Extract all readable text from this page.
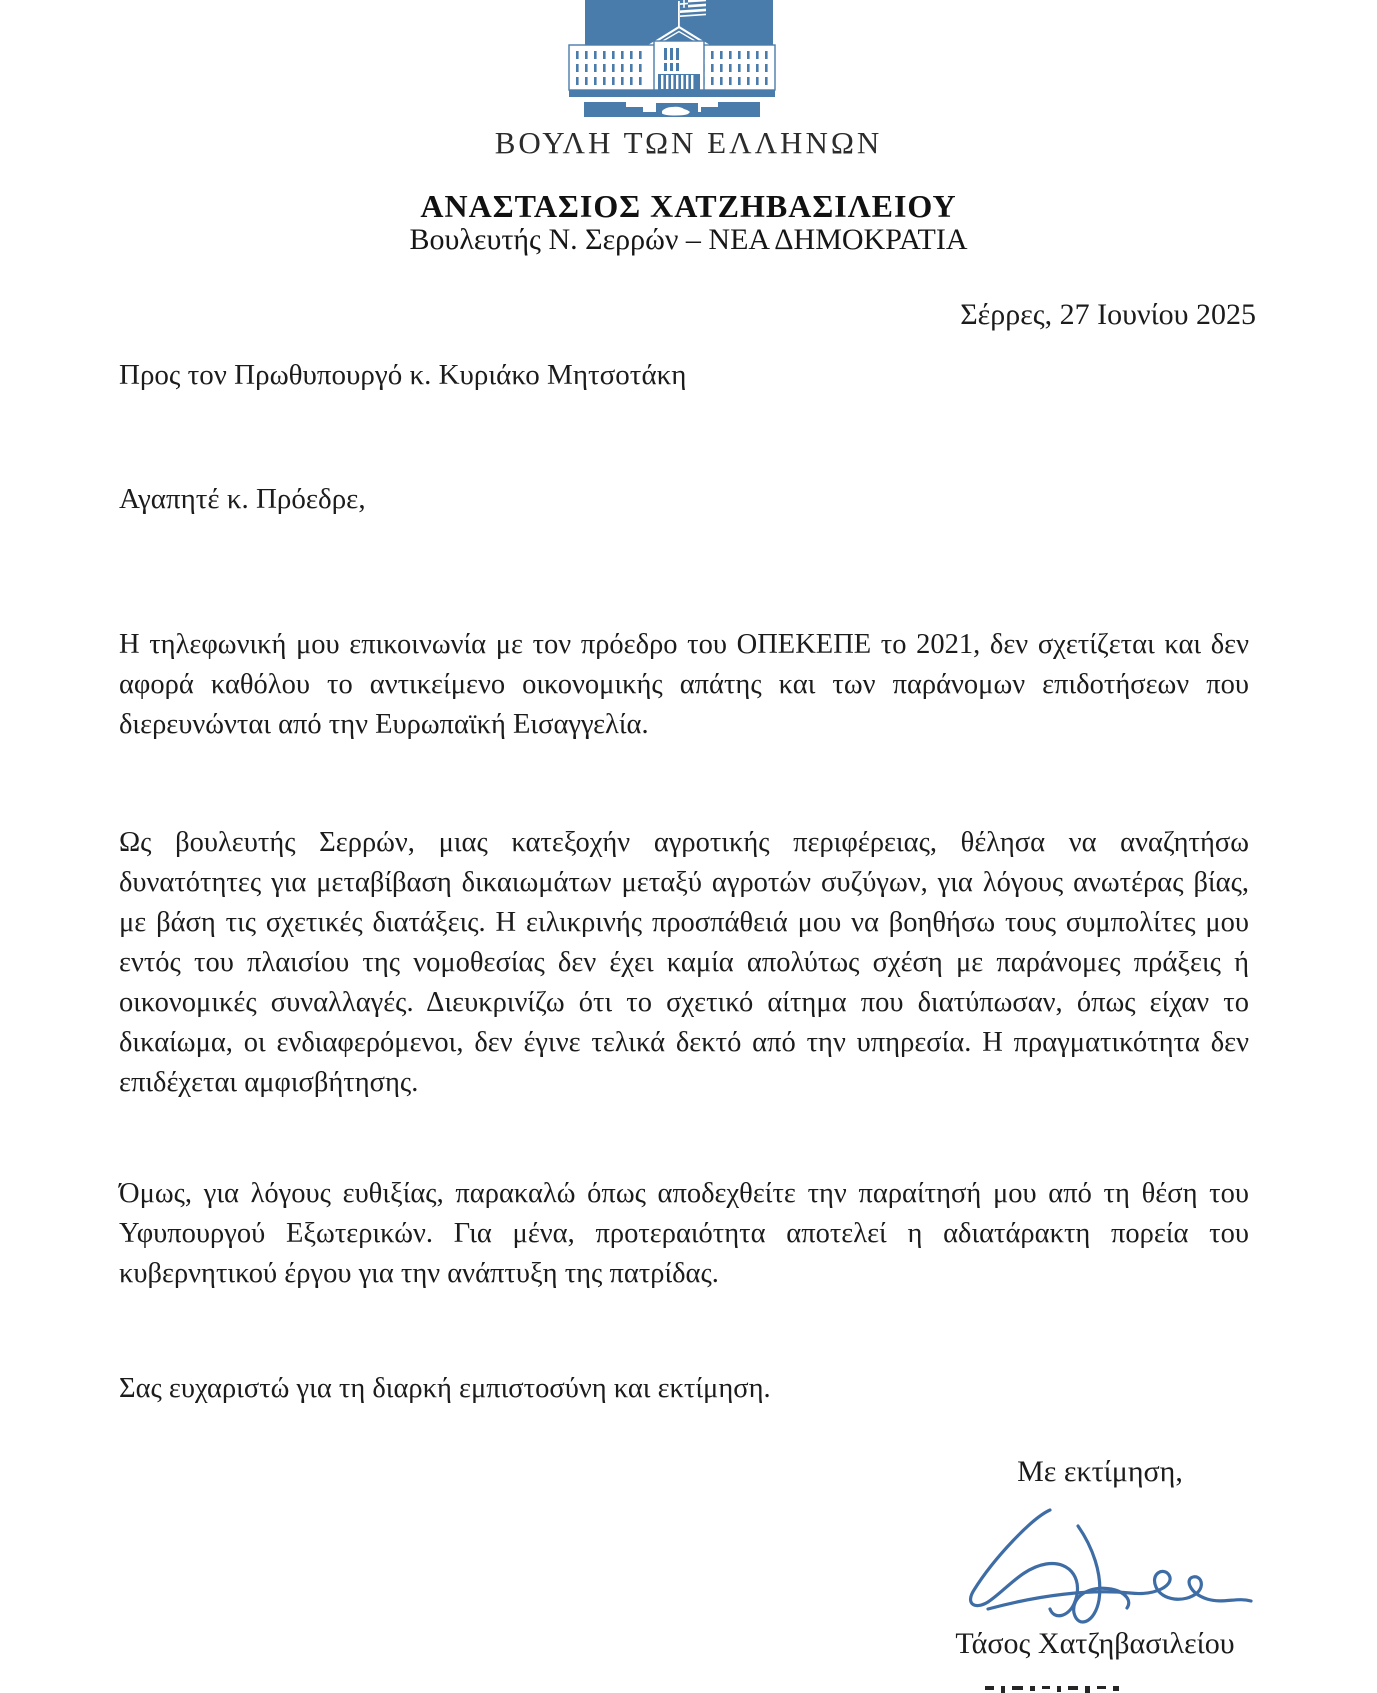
ΒΟΥΛΗ ΤΩΝ ΕΛΛΗΝΩΝ
ΑΝΑΣΤΑΣΙΟΣ ΧΑΤΖΗΒΑΣΙΛΕΙΟΥ
Βουλευτής Ν. Σερρών – ΝΕΑ ΔΗΜΟΚΡΑΤΙΑ
Σέρρες, 27 Ιουνίου 2025
Προς τον Πρωθυπουργό κ. Κυριάκο Μητσοτάκη
Αγαπητέ κ. Πρόεδρε,

Η τηλεφωνική μου επικοινωνία με τον πρόεδρο του ΟΠΕΚΕΠΕ το 2021, δεν σχετίζεται και δεν αφορά καθόλου το αντικείμενο οικονομικής απάτης και των παράνομων επιδοτήσεων που διερευνώνται από την Ευρωπαϊκή Εισαγγελία.

Ως βουλευτής Σερρών, μιας κατεξοχήν αγροτικής περιφέρειας, θέλησα να αναζητήσω δυνατότητες για μεταβίβαση δικαιωμάτων μεταξύ αγροτών συζύγων, για λόγους ανωτέρας βίας, με βάση τις σχετικές διατάξεις. Η ειλικρινής προσπάθειά μου να βοηθήσω τους συμπολίτες μου εντός του πλαισίου της νομοθεσίας δεν έχει καμία απολύτως σχέση με παράνομες πράξεις ή οικονομικές συναλλαγές. Διευκρινίζω ότι το σχετικό αίτημα που διατύπωσαν, όπως είχαν το δικαίωμα, οι ενδιαφερόμενοι, δεν έγινε τελικά δεκτό από την υπηρεσία. Η πραγματικότητα δεν επιδέχεται αμφισβήτησης.

Όμως, για λόγους ευθιξίας, παρακαλώ όπως αποδεχθείτε την παραίτησή μου από τη θέση του Υφυπουργού Εξωτερικών. Για μένα, προτεραιότητα αποτελεί η αδιατάρακτη πορεία του κυβερνητικού έργου για την ανάπτυξη της πατρίδας.

Σας ευχαριστώ για τη διαρκή εμπιστοσύνη και εκτίμηση.

Με εκτίμηση,
Τάσος Χατζηβασιλείου
